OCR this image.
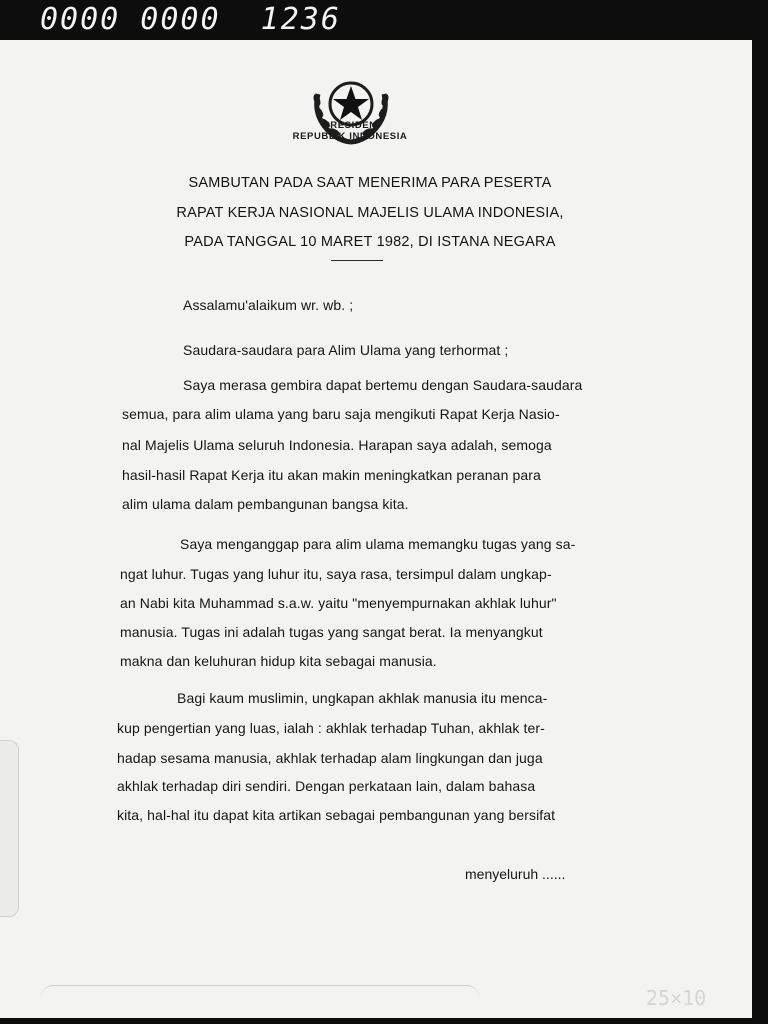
0000 0000  1236
PRESIDEN
REPUBLIK INDONESIA
SAMBUTAN PADA SAAT MENERIMA PARA PESERTA
RAPAT KERJA NASIONAL MAJELIS ULAMA INDONESIA,
PADA TANGGAL 10 MARET 1982, DI ISTANA NEGARA
Assalamu'alaikum wr. wb. ;
Saudara-saudara para Alim Ulama yang terhormat ;
Saya merasa gembira dapat bertemu dengan Saudara-saudara
semua, para alim ulama yang baru saja mengikuti Rapat Kerja Nasio-
nal Majelis Ulama seluruh Indonesia. Harapan saya adalah, semoga
hasil-hasil Rapat Kerja itu akan makin meningkatkan peranan para
alim ulama dalam pembangunan bangsa kita.
Saya menganggap para alim ulama memangku tugas yang sa-
ngat luhur. Tugas yang luhur itu, saya rasa, tersimpul dalam ungkap-
an Nabi kita Muhammad s.a.w. yaitu "menyempurnakan akhlak luhur"
manusia. Tugas ini adalah tugas yang sangat berat. Ia menyangkut
makna dan keluhuran hidup kita sebagai manusia.
Bagi kaum muslimin, ungkapan akhlak manusia itu menca-
kup pengertian yang luas, ialah : akhlak terhadap Tuhan, akhlak ter-
hadap sesama manusia, akhlak terhadap alam lingkungan dan juga
akhlak terhadap diri sendiri. Dengan perkataan lain, dalam bahasa
kita, hal-hal itu dapat kita artikan sebagai pembangunan yang bersifat
menyeluruh ......
25×10
